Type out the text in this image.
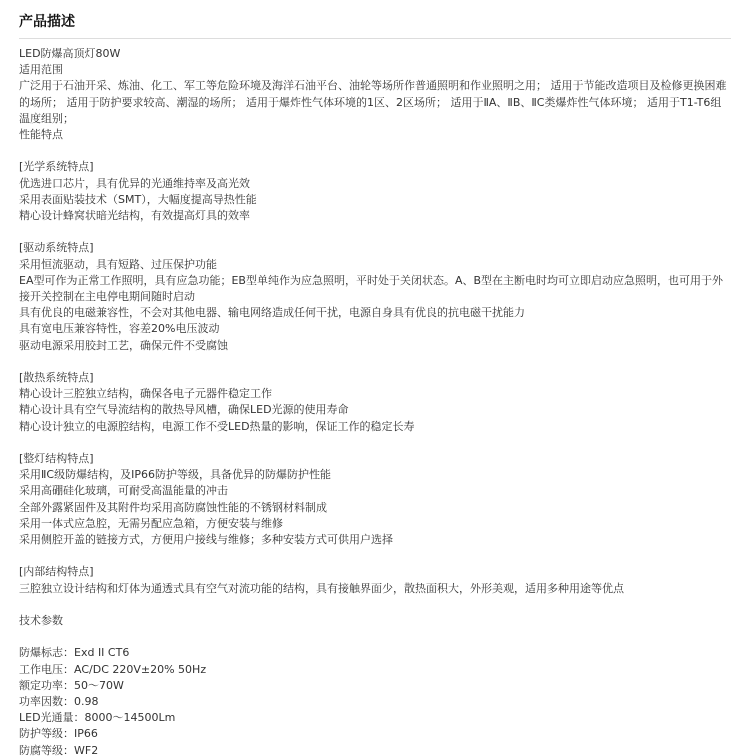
产品描述
LED防爆高顶灯80W
适用范围
广泛用于石油开采、炼油、化工、军工等危险环境及海洋石油平台、油轮等场所作普通照明和作业照明之用； 适用于节能改造项目及检修更换困难的场所； 适用于防护要求较高、潮湿的场所； 适用于爆炸性气体环境的1区、2区场所； 适用于ⅡA、ⅡB、ⅡC类爆炸性气体环境； 适用于T1-T6组温度组别；
性能特点
[光学系统特点]
优选进口芯片，具有优异的光通维持率及高光效
采用表面贴装技术（SMT），大幅度提高导热性能
精心设计蜂窝状暗光结构，有效提高灯具的效率
[驱动系统特点]
采用恒流驱动，具有短路、过压保护功能
EA型可作为正常工作照明，具有应急功能；EB型单纯作为应急照明，平时处于关闭状态。A、B型在主断电时均可立即启动应急照明，也可用于外接开关控制在主电停电期间随时启动
具有优良的电磁兼容性，不会对其他电器、输电网络造成任何干扰，电源自身具有优良的抗电磁干扰能力
具有宽电压兼容特性，容差20%电压波动
驱动电源采用胶封工艺，确保元件不受腐蚀
[散热系统特点]
精心设计三腔独立结构，确保各电子元器件稳定工作
精心设计具有空气导流结构的散热导风槽，确保LED光源的使用寿命
精心设计独立的电源腔结构，电源工作不受LED热量的影响，保证工作的稳定长寿
[整灯结构特点]
采用ⅡC级防爆结构，及IP66防护等级，具备优异的防爆防护性能
采用高硼硅化玻璃，可耐受高温能量的冲击
全部外露紧固件及其附件均采用高防腐蚀性能的不锈钢材料制成
采用一体式应急腔，无需另配应急箱，方便安装与维修
采用侧腔开盖的链接方式，方便用户接线与维修；多种安装方式可供用户选择
[内部结构特点]
三腔独立设计结构和灯体为通透式具有空气对流功能的结构，具有接触界面少，散热面积大，外形美观，适用多种用途等优点
技术参数
防爆标志：Exd II CT6
工作电压：AC/DC 220V±20% 50Hz
额定功率：50～70W
功率因数：0.98
LED光通量：8000～14500Lm
防护等级：IP66
防腐等级：WF2
